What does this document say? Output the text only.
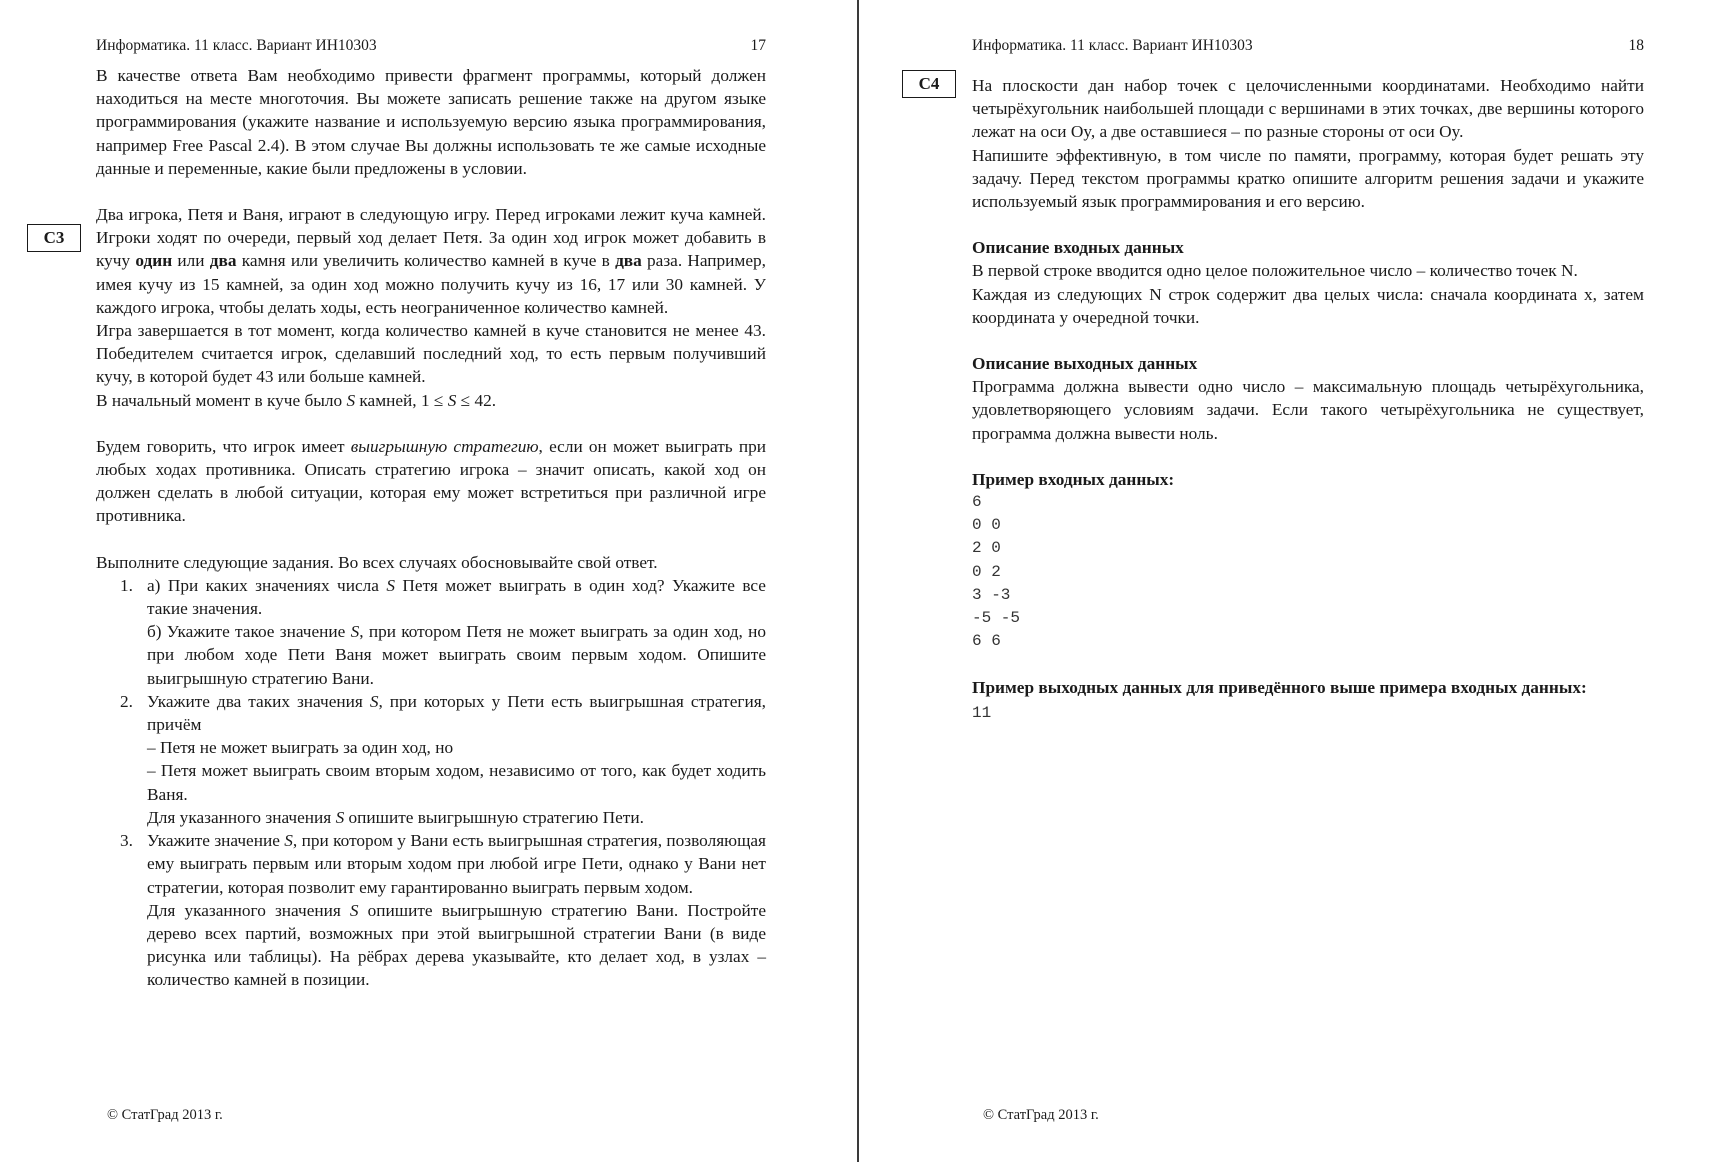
Информатика. 11 класс. Вариант ИН10303	17
C3

В качестве ответа Вам необходимо привести фрагмент программы, который должен находиться на месте многоточия. Вы можете записать решение также на другом языке программирования (укажите название и используемую версию языка программирования, например Free Pascal 2.4). В этом случае Вы должны использовать те же самые исходные данные и переменные, какие были предложены в условии.

Два игрока, Петя и Ваня, играют в следующую игру. Перед игроками лежит куча камней. Игроки ходят по очереди, первый ход делает Петя. За один ход игрок может добавить в кучу один или два камня или увеличить количество камней в куче в два раза. Например, имея кучу из 15 камней, за один ход можно получить кучу из 16, 17 или 30 камней. У каждого игрока, чтобы делать ходы, есть неограниченное количество камней.

Игра завершается в тот момент, когда количество камней в куче становится не менее 43. Победителем считается игрок, сделавший последний ход, то есть первым получивший кучу, в которой будет 43 или больше камней.

В начальный момент в куче было S камней, 1 ≤ S ≤ 42.

Будем говорить, что игрок имеет выигрышную стратегию, если он может выиграть при любых ходах противника. Описать стратегию игрока – значит описать, какой ход он должен сделать в любой ситуации, которая ему может встретиться при различной игре противника.

Выполните следующие задания. Во всех случаях обосновывайте свой ответ.

1. а) При каких значениях числа S Петя может выиграть в один ход? Укажите все такие значения.

б) Укажите такое значение S, при котором Петя не может выиграть за один ход, но при любом ходе Пети Ваня может выиграть своим первым ходом. Опишите выигрышную стратегию Вани.

2. Укажите два таких значения S, при которых у Пети есть выигрышная стратегия, причём

– Петя не может выиграть за один ход, но

– Петя может выиграть своим вторым ходом, независимо от того, как будет ходить Ваня.

Для указанного значения S опишите выигрышную стратегию Пети.

3. Укажите значение S, при котором у Вани есть выигрышная стратегия, позволяющая ему выиграть первым или вторым ходом при любой игре Пети, однако у Вани нет стратегии, которая позволит ему гарантированно выиграть первым ходом.

Для указанного значения S опишите выигрышную стратегию Вани. Постройте дерево всех партий, возможных при этой выигрышной стратегии Вани (в виде рисунка или таблицы). На рёбрах дерева указывайте, кто делает ход, в узлах – количество камней в позиции.

© СтатГрад 2013 г.
Информатика. 11 класс. Вариант ИН10303	18
C4	На плоскости дан набор точек с целочисленными координатами. Необходимо найти четырёхугольник наибольшей площади с вершинами в этих точках, две вершины которого лежат на оси Oy, а две оставшиеся – по разные стороны от оси Oy.

Напишите эффективную, в том числе по памяти, программу, которая будет решать эту задачу. Перед текстом программы кратко опишите алгоритм решения задачи и укажите используемый язык программирования и его версию.

Описание входных данных

В первой строке вводится одно целое положительное число – количество точек N.

Каждая из следующих N строк содержит два целых числа: сначала координата x, затем координата y очередной точки.

Описание выходных данных

Программа должна вывести одно число – максимальную площадь четырёхугольника, удовлетворяющего условиям задачи. Если такого четырёхугольника не существует, программа должна вывести ноль.

Пример входных данных:

6
0 0
2 0
0 2
3 -3
-5 -5
6 6

Пример выходных данных для приведённого выше примера входных данных:

11
© СтатГрад 2013 г.
